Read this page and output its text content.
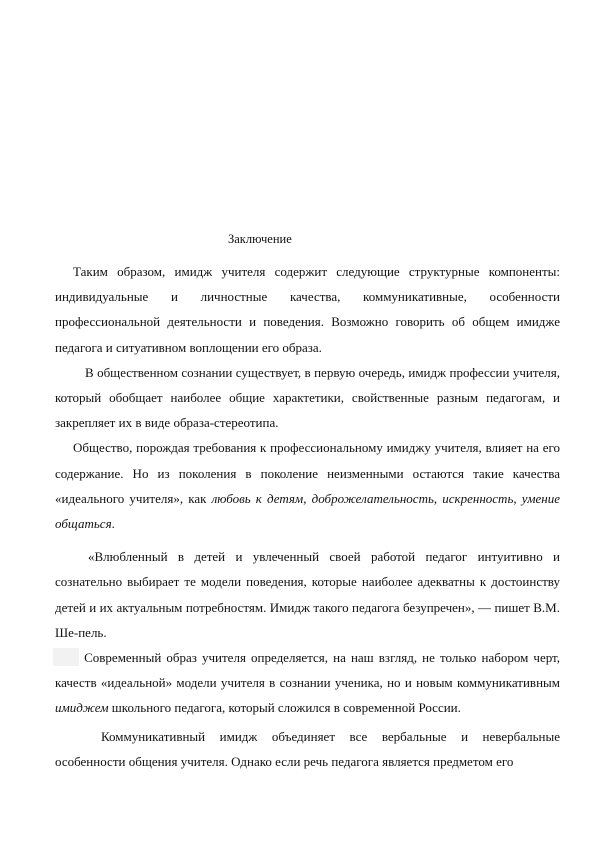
Заключение

Таким образом, имидж учителя содержит следующие структурные компоненты: индивидуальные и личностные качества, коммуникативные, особенности профессиональной деятельности и поведения. Возможно говорить об общем имидже педагога и ситуативном воплощении его образа.

В общественном сознании существует, в первую очередь, имидж профессии учителя, который обобщает наиболее общие характетики, свойственные разным педагогам, и закрепляет их в виде образа-стереотипа.

Общество, порождая требования к профессиональному имиджу учителя, влияет на его содержание. Но из поколения в поколение неизменными остаются такие качества «идеального учителя», как любовь к детям, доброжелательность, искренность, умение общаться.

«Влюбленный в детей и увлеченный своей работой педагог интуитивно и сознательно выбирает те модели поведения, которые наиболее адекватны к достоинству детей и их актуальным потребностям. Имидж такого педагога безупречен», — пишет В.М. Ше-пель.

Современный образ учителя определяется, на наш взгляд, не только набором черт, качеств «идеальной» модели учителя в сознании ученика, но и новым коммуникативным имиджем школьного педагога, который сложился в современной России.

Коммуникативный имидж объединяет все вербальные и невербальные особенности общения учителя. Однако если речь педагога является предметом его
